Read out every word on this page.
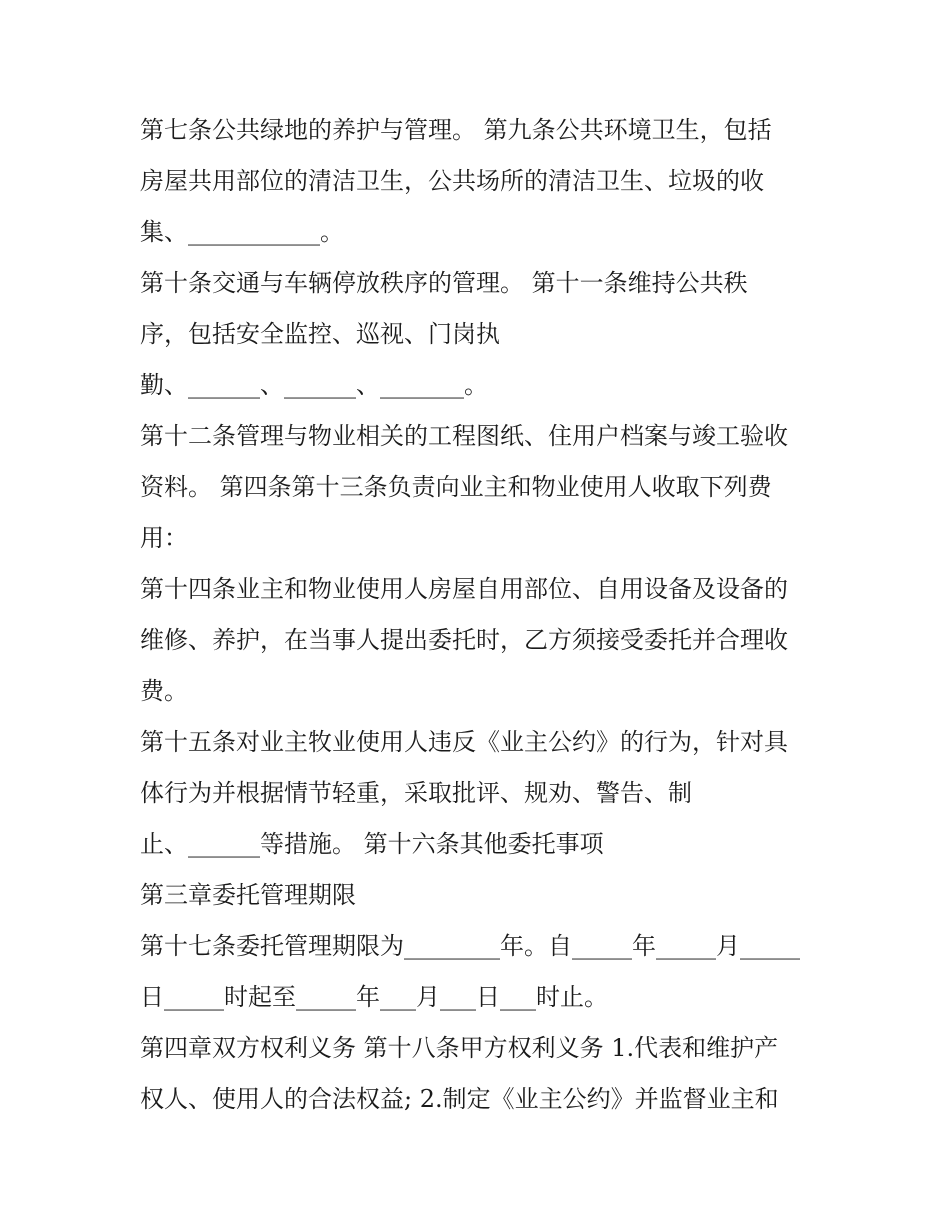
第七条公共绿地的养护与管理。 第九条公共环境卫生，包括

房屋共用部位的清洁卫生，公共场所的清洁卫生、垃圾的收

集、___________。

第十条交通与车辆停放秩序的管理。 第十一条维持公共秩

序，包括安全监控、巡视、门岗执

勤、______、______、_______。

第十二条管理与物业相关的工程图纸、住用户档案与竣工验收

资料。 第四条第十三条负责向业主和物业使用人收取下列费

用：

第十四条业主和物业使用人房屋自用部位、自用设备及设备的

维修、养护，在当事人提出委托时，乙方须接受委托并合理收

费。

第十五条对业主牧业使用人违反《业主公约》的行为，针对具

体行为并根据情节轻重，采取批评、规劝、警告、制

止、______等措施。 第十六条其他委托事项

第三章委托管理期限

第十七条委托管理期限为________年。自_____年_____月_____

日_____时起至_____年___月___日___时止。

第四章双方权利义务 第十八条甲方权利义务 1.代表和维护产

权人、使用人的合法权益; 2.制定《业主公约》并监督业主和
